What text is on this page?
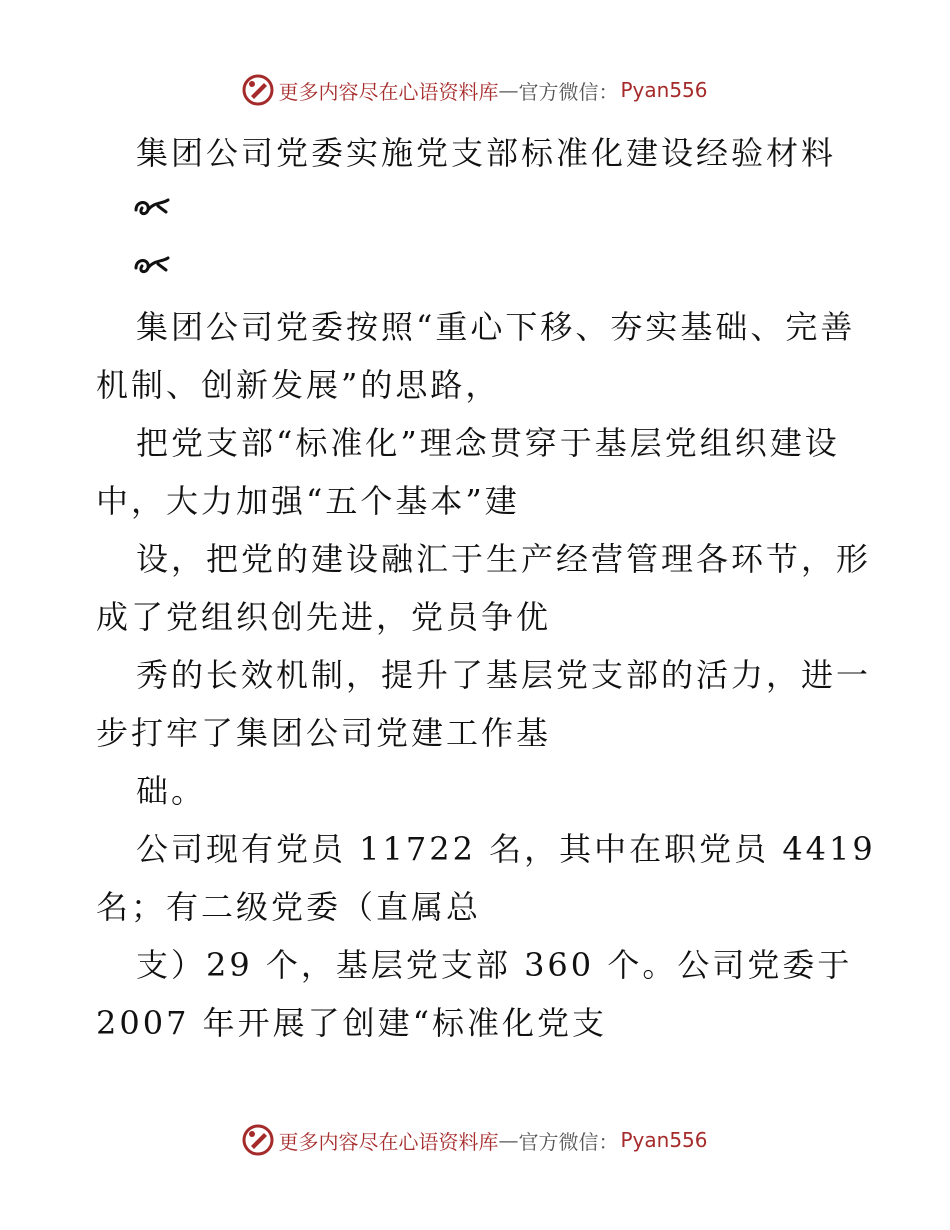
更多内容尽在心语资料库 — 官方微信： Pyan556
集团公司党委实施党支部标准化建设经验材料
集团公司党委按照“重心下移、夯实基础、完善
机制、创新发展”的思路，
把党支部“标准化”理念贯穿于基层党组织建设
中，大力加强“五个基本”建
设，把党的建设融汇于生产经营管理各环节，形
成了党组织创先进，党员争优
秀的长效机制，提升了基层党支部的活力，进一
步打牢了集团公司党建工作基
础。
公司现有党员 11722 名，其中在职党员 4419
名；有二级党委（直属总
支）29 个，基层党支部 360 个。公司党委于
2007 年开展了创建“标准化党支
更多内容尽在心语资料库 — 官方微信： Pyan556
